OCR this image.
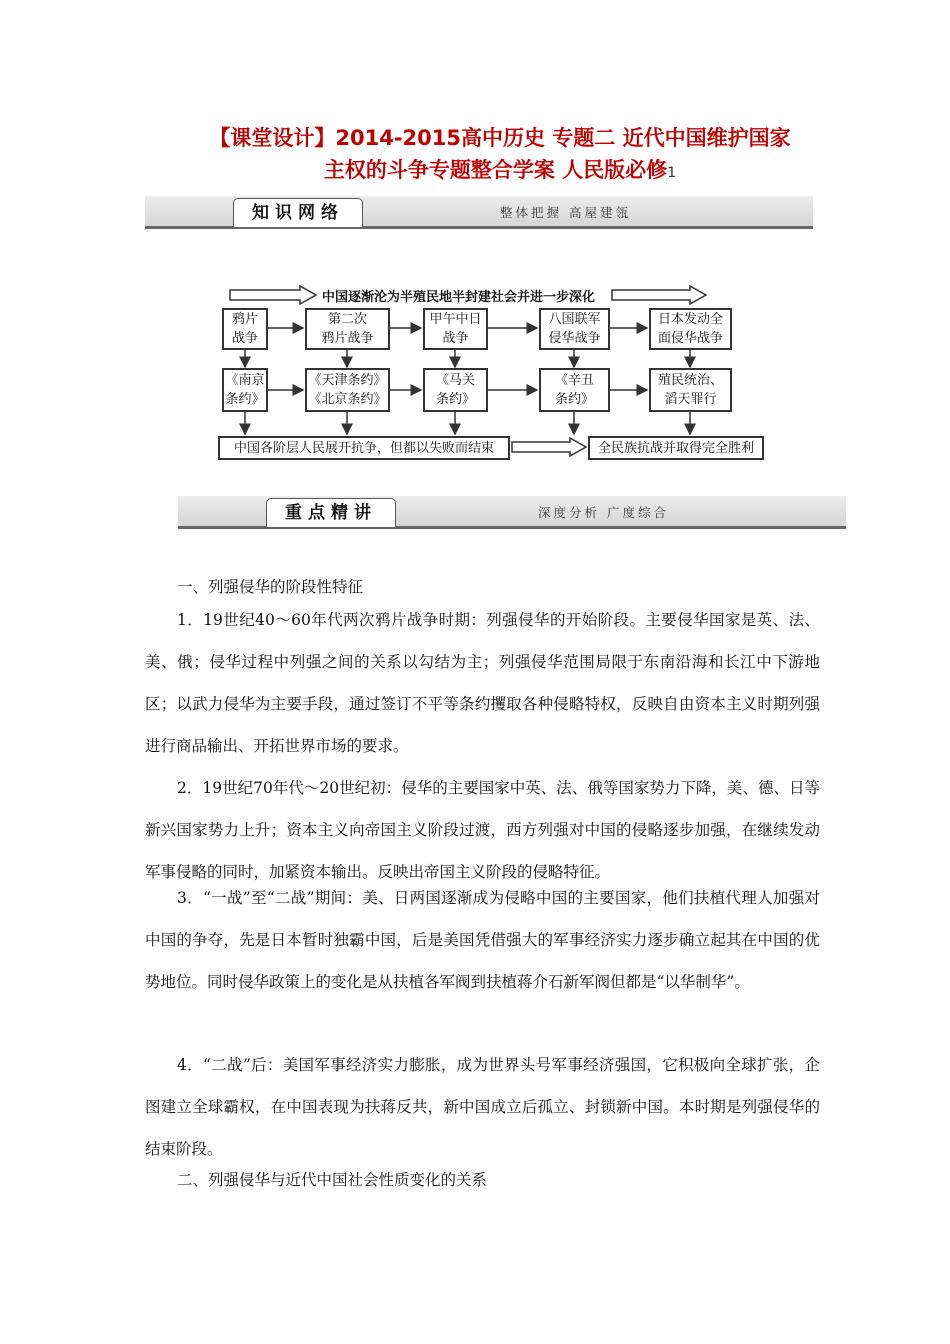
【课堂设计】2014-2015高中历史 专题二 近代中国维护国家
主权的斗争专题整合学案 人民版必修1
知识网络	整体把握 高屋建瓴
中国逐渐沦为半殖民地半封建社会并进一步深化
鸦片
战争
第二次
鸦片战争
甲午中日
战争
八国联军
侵华战争
日本发动全
面侵华战争
《南京
条约》
《天津条约》
《北京条约》
《马关
条约》
《辛丑
条约》
殖民统治、
滔天罪行
中国各阶层人民展开抗争，但都以失败而结束	全民族抗战并取得完全胜利
重点精讲	深度分析 广度综合
一、列强侵华的阶段性特征
1．19世纪40～60年代两次鸦片战争时期：列强侵华的开始阶段。主要侵华国家是英、法、美、俄；侵华过程中列强之间的关系以勾结为主；列强侵华范围局限于东南沿海和长江中下游地区；以武力侵华为主要手段，通过签订不平等条约攫取各种侵略特权，反映自由资本主义时期列强进行商品输出、开拓世界市场的要求。
2．19世纪70年代～20世纪初：侵华的主要国家中英、法、俄等国家势力下降，美、德、日等新兴国家势力上升；资本主义向帝国主义阶段过渡，西方列强对中国的侵略逐步加强，在继续发动军事侵略的同时，加紧资本输出。反映出帝国主义阶段的侵略特征。
3．“一战”至“二战”期间：美、日两国逐渐成为侵略中国的主要国家，他们扶植代理人加强对中国的争夺，先是日本暂时独霸中国，后是美国凭借强大的军事经济实力逐步确立起其在中国的优势地位。同时侵华政策上的变化是从扶植各军阀到扶植蒋介石新军阀但都是“以华制华”。
4．“二战”后：美国军事经济实力膨胀，成为世界头号军事经济强国，它积极向全球扩张，企图建立全球霸权，在中国表现为扶蒋反共，新中国成立后孤立、封锁新中国。本时期是列强侵华的结束阶段。
二、列强侵华与近代中国社会性质变化的关系
